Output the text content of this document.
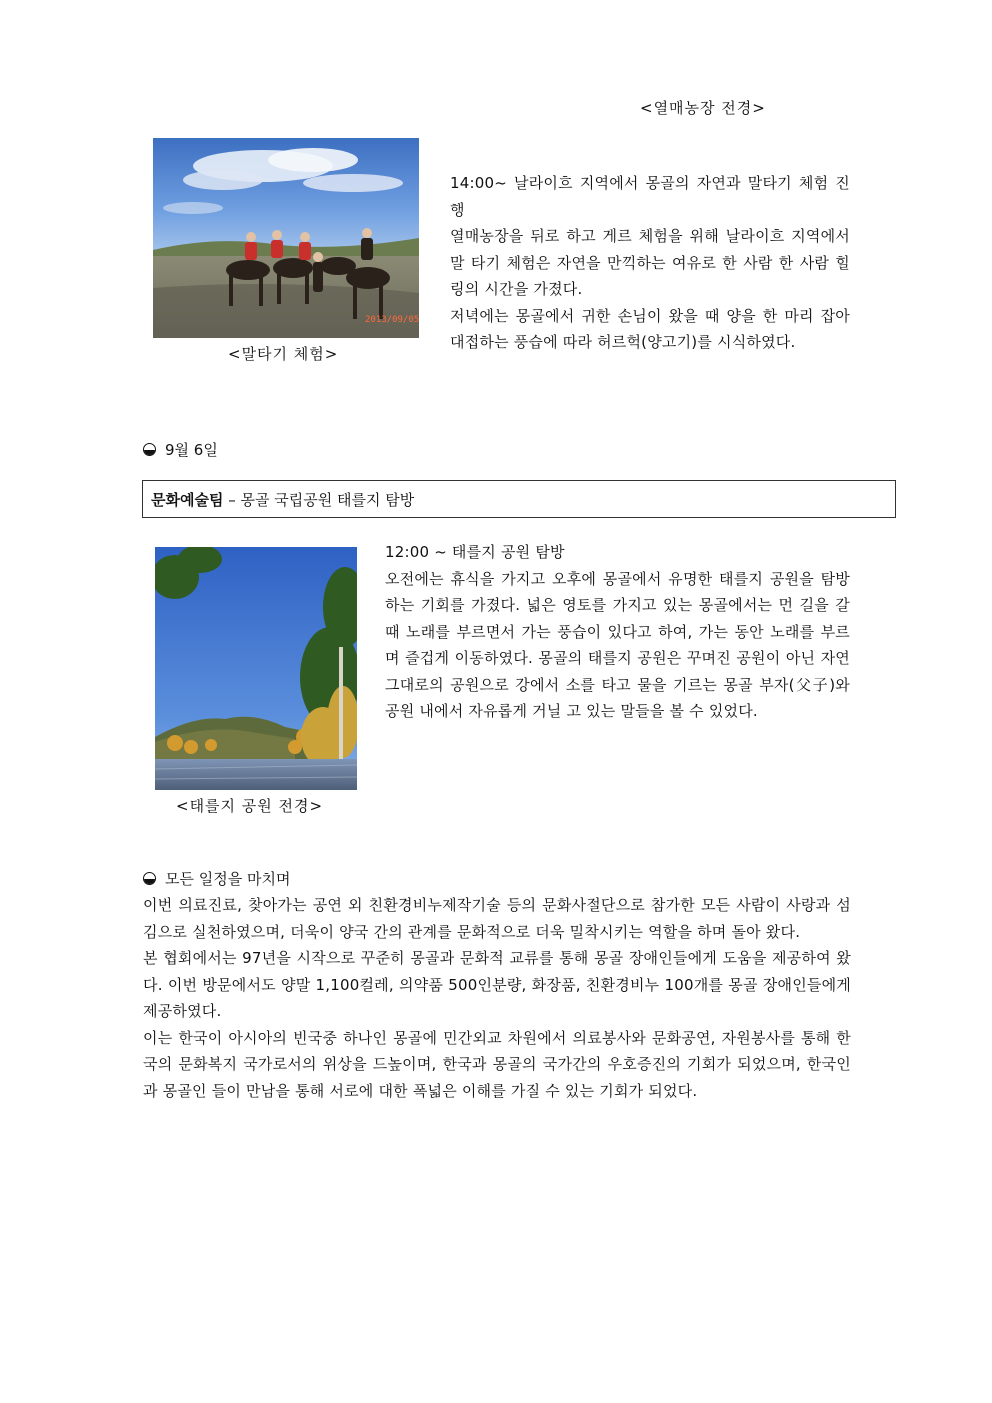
<열매농장 전경>
2013/09/05
<말타기 체험>

14:00~ 날라이흐 지역에서 몽골의 자연과 말타기 체험 진행

열매농장을 뒤로 하고 게르 체험을 위해 날라이흐 지역에서 말 타기 체험은 자연을 만끽하는 여유로 한 사람 한 사람 힐링의 시간을 가졌다.

저녁에는 몽골에서 귀한 손님이 왔을 때 양을 한 마리 잡아 대접하는 풍습에 따라 허르헉(양고기)를 시식하였다.

9월 6일
문화예술팀 – 몽골 국립공원 태를지 탐방
<태를지 공원 전경>

12:00 ~ 태를지 공원 탐방

오전에는 휴식을 가지고 오후에 몽골에서 유명한 태를지 공원을 탐방하는 기회를 가졌다. 넓은 영토를 가지고 있는 몽골에서는 먼 길을 갈 때 노래를 부르면서 가는 풍습이 있다고 하여, 가는 동안 노래를 부르며 즐겁게 이동하였다. 몽골의 태를지 공원은 꾸며진 공원이 아닌 자연 그대로의 공원으로 강에서 소를 타고 물을 기르는 몽골 부자(父子)와 공원 내에서 자유롭게 거닐 고 있는 말들을 볼 수 있었다.

모든 일정을 마치며

이번 의료진료, 찾아가는 공연 외 친환경비누제작기술 등의 문화사절단으로 참가한 모든 사람이 사랑과 섬김으로 실천하였으며, 더욱이 양국 간의 관계를 문화적으로 더욱 밀착시키는 역할을 하며 돌아 왔다.

본 협회에서는 97년을 시작으로 꾸준히 몽골과 문화적 교류를 통해 몽골 장애인들에게 도움을 제공하여 왔다. 이번 방문에서도 양말 1,100컬레, 의약품 500인분량, 화장품, 친환경비누 100개를 몽골 장애인들에게 제공하였다.

이는 한국이 아시아의 빈국중 하나인 몽골에 민간외교 차원에서 의료봉사와 문화공연, 자원봉사를 통해 한국의 문화복지 국가로서의 위상을 드높이며, 한국과 몽골의 국가간의 우호증진의 기회가 되었으며, 한국인과 몽골인 들이 만남을 통해 서로에 대한 폭넓은 이해를 가질 수 있는 기회가 되었다.
